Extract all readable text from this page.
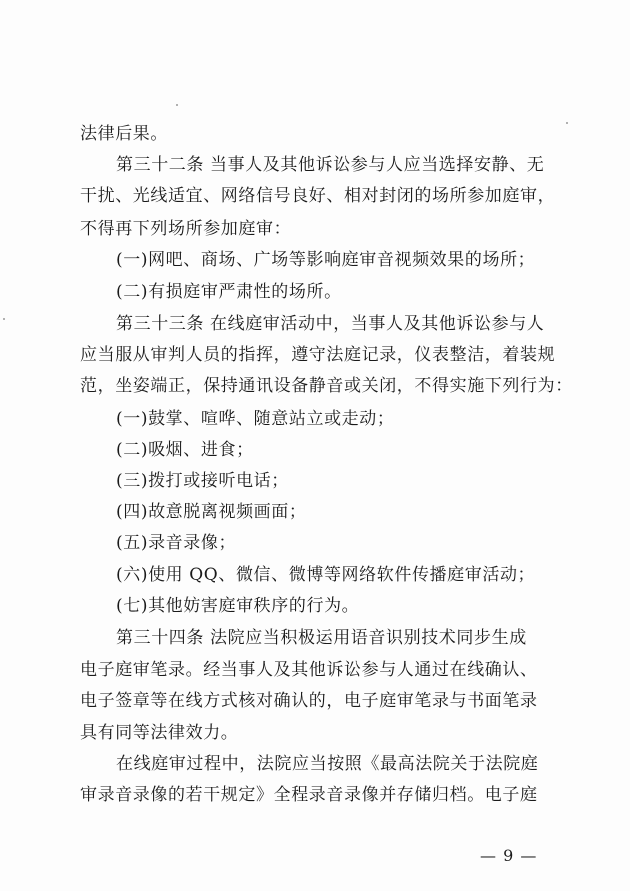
法律后果。
第三十二条 当事人及其他诉讼参与人应当选择安静、无
干扰、光线适宜、网络信号良好、相对封闭的场所参加庭审，
不得再下列场所参加庭审：
(一)网吧、商场、广场等影响庭审音视频效果的场所；
(二)有损庭审严肃性的场所。
第三十三条 在线庭审活动中，当事人及其他诉讼参与人
应当服从审判人员的指挥，遵守法庭记录，仪表整洁，着装规
范，坐姿端正，保持通讯设备静音或关闭，不得实施下列行为：
(一)鼓掌、喧哗、随意站立或走动；
(二)吸烟、进食；
(三)拨打或接听电话；
(四)故意脱离视频画面；
(五)录音录像；
(六)使用 QQ、微信、微博等网络软件传播庭审活动；
(七)其他妨害庭审秩序的行为。
第三十四条 法院应当积极运用语音识别技术同步生成
电子庭审笔录。经当事人及其他诉讼参与人通过在线确认、
电子签章等在线方式核对确认的，电子庭审笔录与书面笔录
具有同等法律效力。
在线庭审过程中，法院应当按照《最高法院关于法院庭
审录音录像的若干规定》全程录音录像并存储归档。电子庭
— 9 —
